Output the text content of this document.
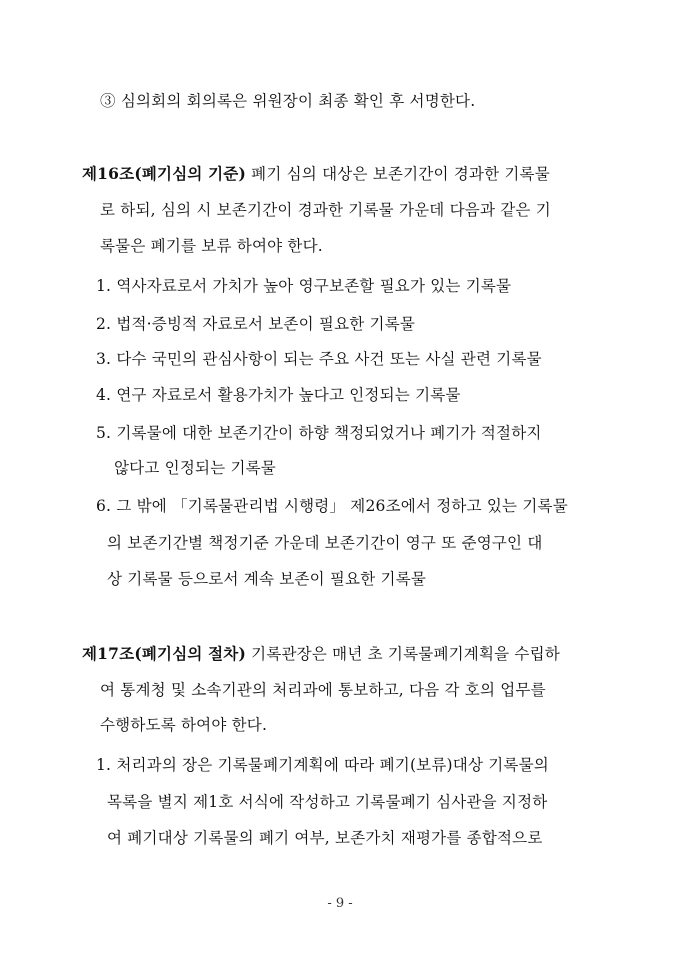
③ 심의회의 회의록은 위원장이 최종 확인 후 서명한다.
제16조(폐기심의 기준) 폐기 심의 대상은 보존기간이 경과한 기록물
로 하되, 심의 시 보존기간이 경과한 기록물 가운데 다음과 같은 기
록물은 폐기를 보류 하여야 한다.
1. 역사자료로서 가치가 높아 영구보존할 필요가 있는 기록물
2. 법적·증빙적 자료로서 보존이 필요한 기록물
3. 다수 국민의 관심사항이 되는 주요 사건 또는 사실 관련 기록물
4. 연구 자료로서 활용가치가 높다고 인정되는 기록물
5. 기록물에 대한 보존기간이 하향 책정되었거나 폐기가 적절하지
않다고 인정되는 기록물
6. 그 밖에 「기록물관리법 시행령」 제26조에서 정하고 있는 기록물
의 보존기간별 책정기준 가운데 보존기간이 영구 또 준영구인 대
상 기록물 등으로서 계속 보존이 필요한 기록물
제17조(폐기심의 절차) 기록관장은 매년 초 기록물폐기계획을 수립하
여 통계청 및 소속기관의 처리과에 통보하고, 다음 각 호의 업무를
수행하도록 하여야 한다.
1. 처리과의 장은 기록물폐기계획에 따라 폐기(보류)대상 기록물의
목록을 별지 제1호 서식에 작성하고 기록물폐기 심사관을 지정하
여 폐기대상 기록물의 폐기 여부, 보존가치 재평가를 종합적으로
- 9 -
